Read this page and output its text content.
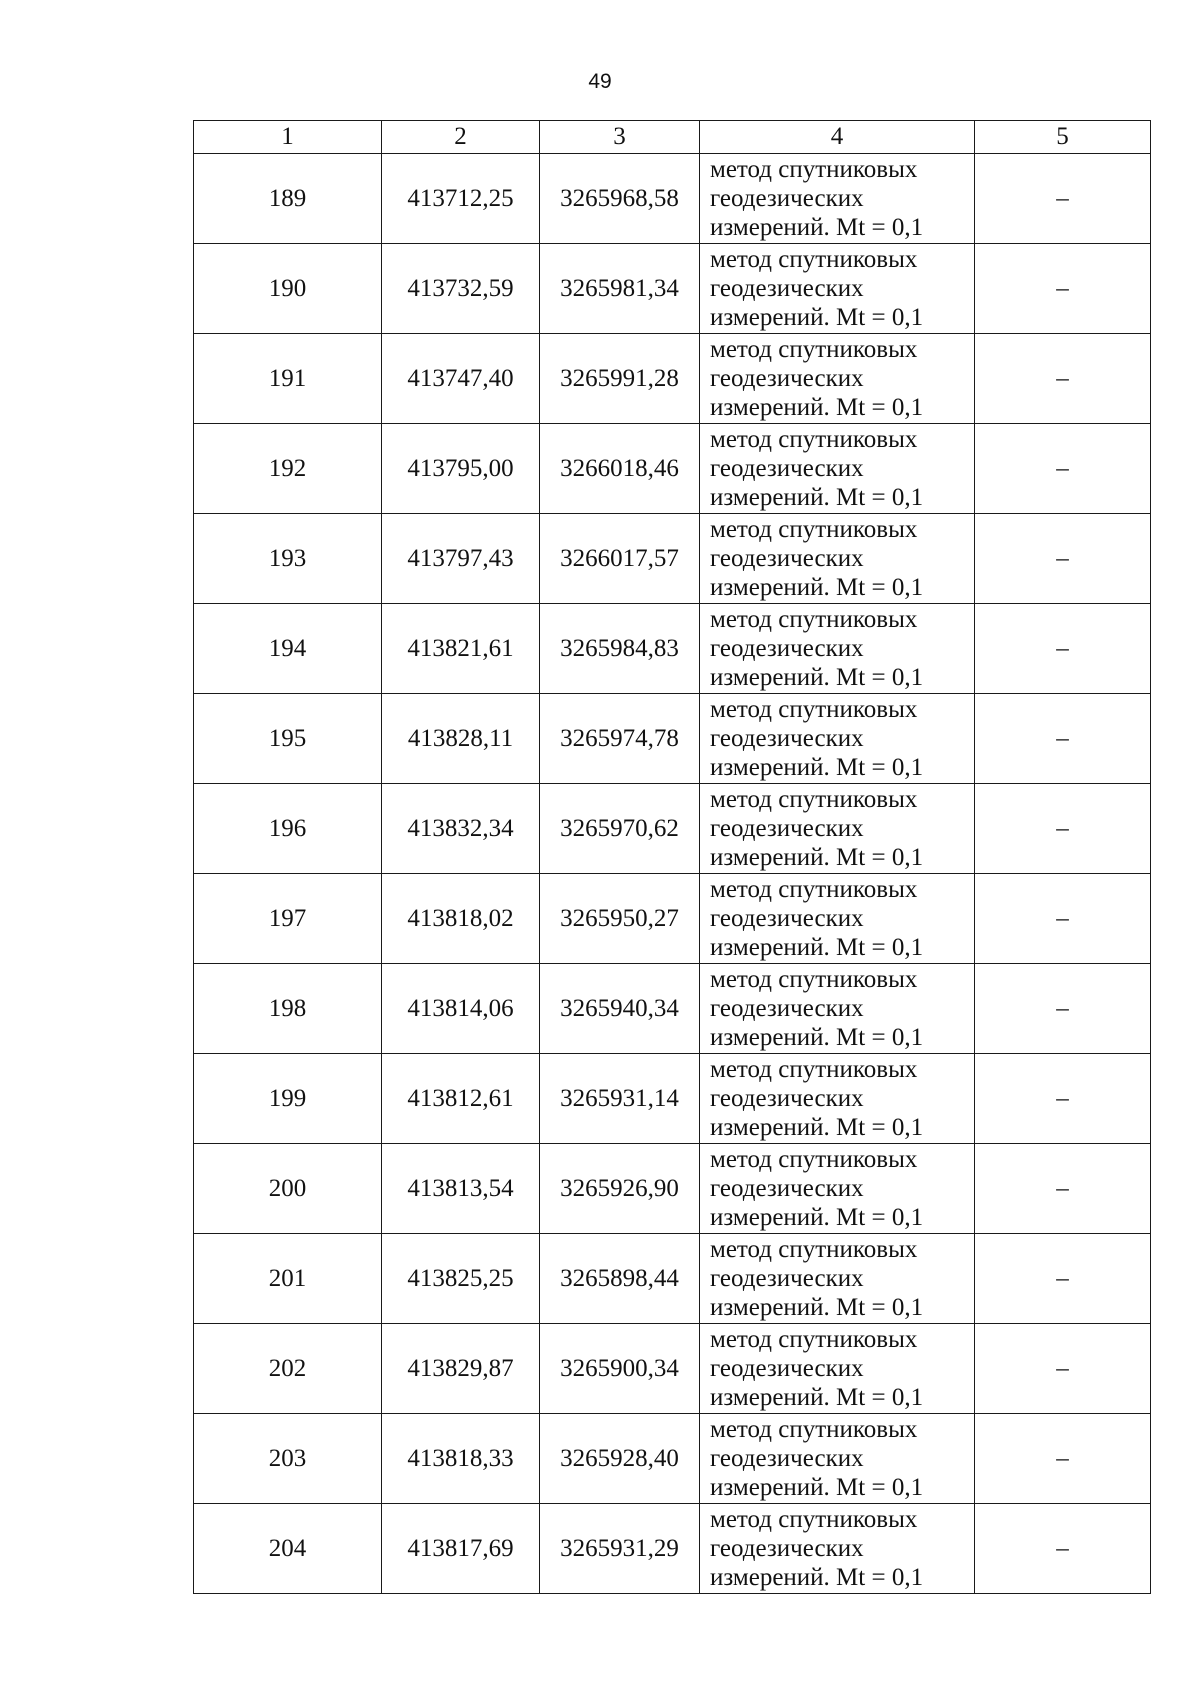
49
1	2	3	4	5
189	413712,25	3265968,58	метод спутниковых
геодезических
измерений. Mt = 0,1	–
190	413732,59	3265981,34	метод спутниковых
геодезических
измерений. Mt = 0,1	–
191	413747,40	3265991,28	метод спутниковых
геодезических
измерений. Mt = 0,1	–
192	413795,00	3266018,46	метод спутниковых
геодезических
измерений. Mt = 0,1	–
193	413797,43	3266017,57	метод спутниковых
геодезических
измерений. Mt = 0,1	–
194	413821,61	3265984,83	метод спутниковых
геодезических
измерений. Mt = 0,1	–
195	413828,11	3265974,78	метод спутниковых
геодезических
измерений. Mt = 0,1	–
196	413832,34	3265970,62	метод спутниковых
геодезических
измерений. Mt = 0,1	–
197	413818,02	3265950,27	метод спутниковых
геодезических
измерений. Mt = 0,1	–
198	413814,06	3265940,34	метод спутниковых
геодезических
измерений. Mt = 0,1	–
199	413812,61	3265931,14	метод спутниковых
геодезических
измерений. Mt = 0,1	–
200	413813,54	3265926,90	метод спутниковых
геодезических
измерений. Mt = 0,1	–
201	413825,25	3265898,44	метод спутниковых
геодезических
измерений. Mt = 0,1	–
202	413829,87	3265900,34	метод спутниковых
геодезических
измерений. Mt = 0,1	–
203	413818,33	3265928,40	метод спутниковых
геодезических
измерений. Mt = 0,1	–
204	413817,69	3265931,29	метод спутниковых
геодезических
измерений. Mt = 0,1	–
